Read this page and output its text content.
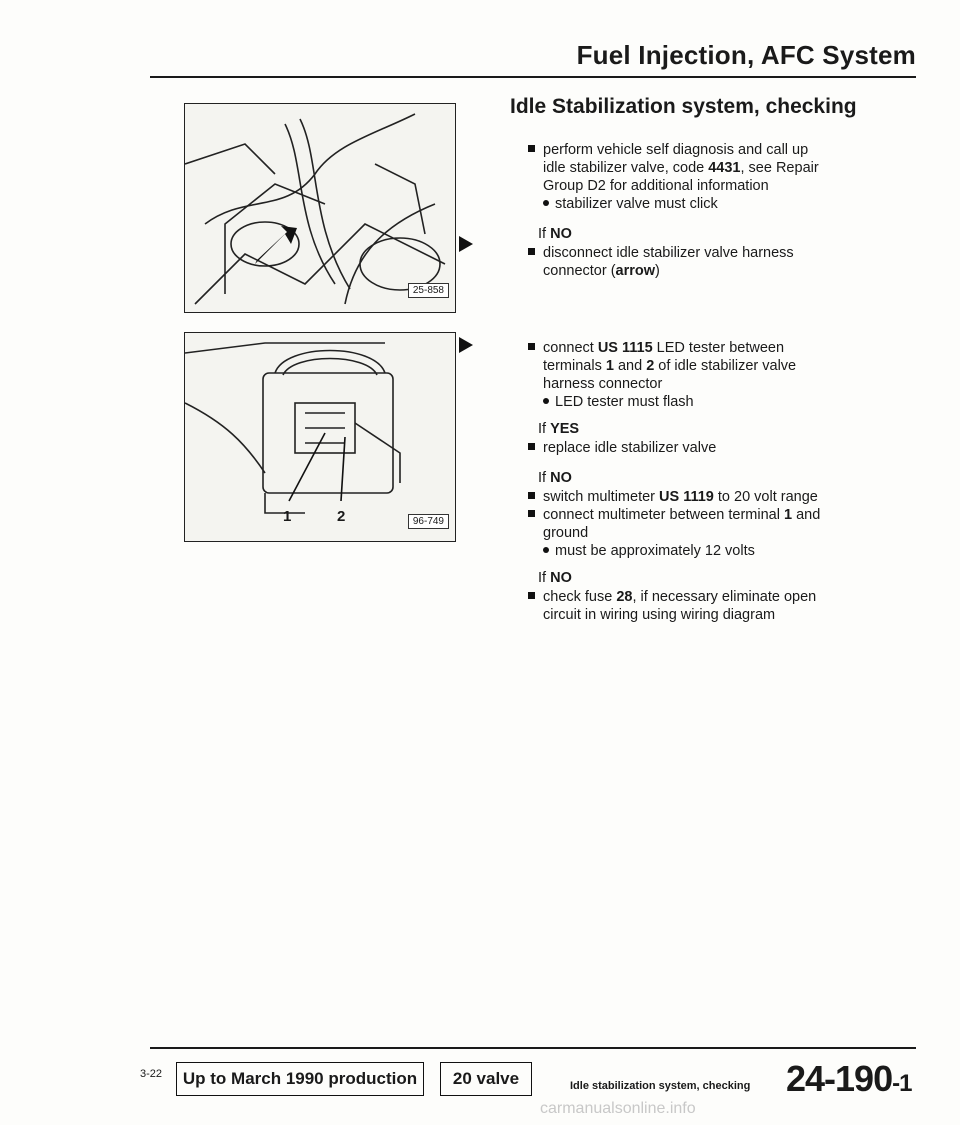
Fuel Injection, AFC System
25-858
1	2	96-749
Idle Stabilization system, checking
perform vehicle self diagnosis and call up
idle stabilizer valve, code 4431, see Repair
Group D2 for additional information
stabilizer valve must click
If NO
disconnect idle stabilizer valve harness
connector (arrow)
connect US 1115 LED tester between
terminals 1 and 2 of idle stabilizer valve
harness connector
LED tester must flash
If YES
replace idle stabilizer valve
If NO
switch multimeter US 1119 to 20 volt range
connect multimeter between terminal 1 and
ground
must be approximately 12 volts
If NO
check fuse 28, if necessary eliminate open
circuit in wiring using wiring diagram
3-22	Up to March 1990 production	20 valve	Idle stabilization system, checking 24-190-1
carmanualsonline.info
